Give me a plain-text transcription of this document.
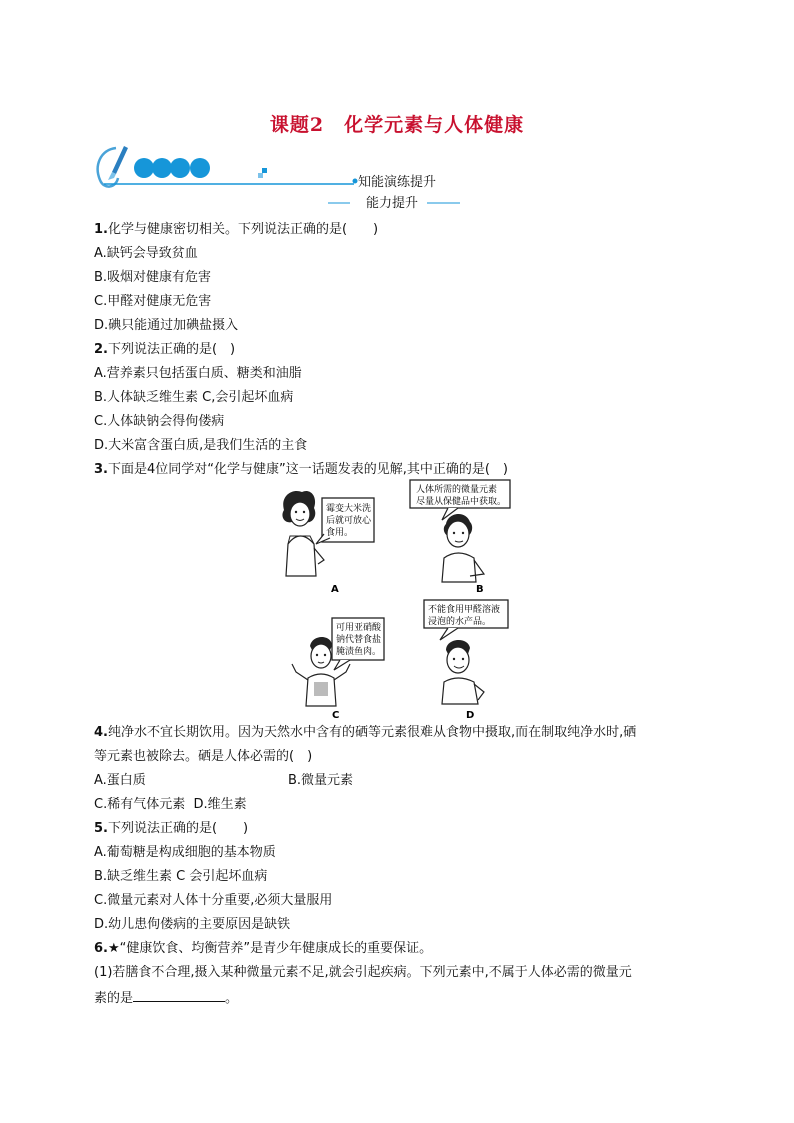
课题2　化学元素与人体健康
知能演练提升
能力提升
1.化学与健康密切相关。下列说法正确的是(　　)
A.缺钙会导致贫血
B.吸烟对健康有危害
C.甲醛对健康无危害
D.碘只能通过加碘盐摄入
2.下列说法正确的是(　)
A.营养素只包括蛋白质、糖类和油脂
B.人体缺乏维生素 C,会引起坏血病
C.人体缺钠会得佝偻病
D.大米富含蛋白质,是我们生活的主食
3.下面是4位同学对“化学与健康”这一话题发表的见解,其中正确的是(　)
霉变大米洗
后就可放心
食用。
A
人体所需的微量元素
尽量从保健品中获取。
B
可用亚硝酸
钠代替食盐
腌渍鱼肉。
C
不能食用甲醛溶液
浸泡的水产品。
D
4.纯净水不宜长期饮用。因为天然水中含有的硒等元素很难从食物中摄取,而在制取纯净水时,硒
等元素也被除去。硒是人体必需的(　)
A.蛋白质	B.微量元素
C.稀有气体元素 D.维生素
5.下列说法正确的是(　　)
A.葡萄糖是构成细胞的基本物质
B.缺乏维生素 C 会引起坏血病
C.微量元素对人体十分重要,必须大量服用
D.幼儿患佝偻病的主要原因是缺铁
6.★“健康饮食、均衡营养”是青少年健康成长的重要保证。
(1)若膳食不合理,摄入某种微量元素不足,就会引起疾病。下列元素中,不属于人体必需的微量元
素的是	。
